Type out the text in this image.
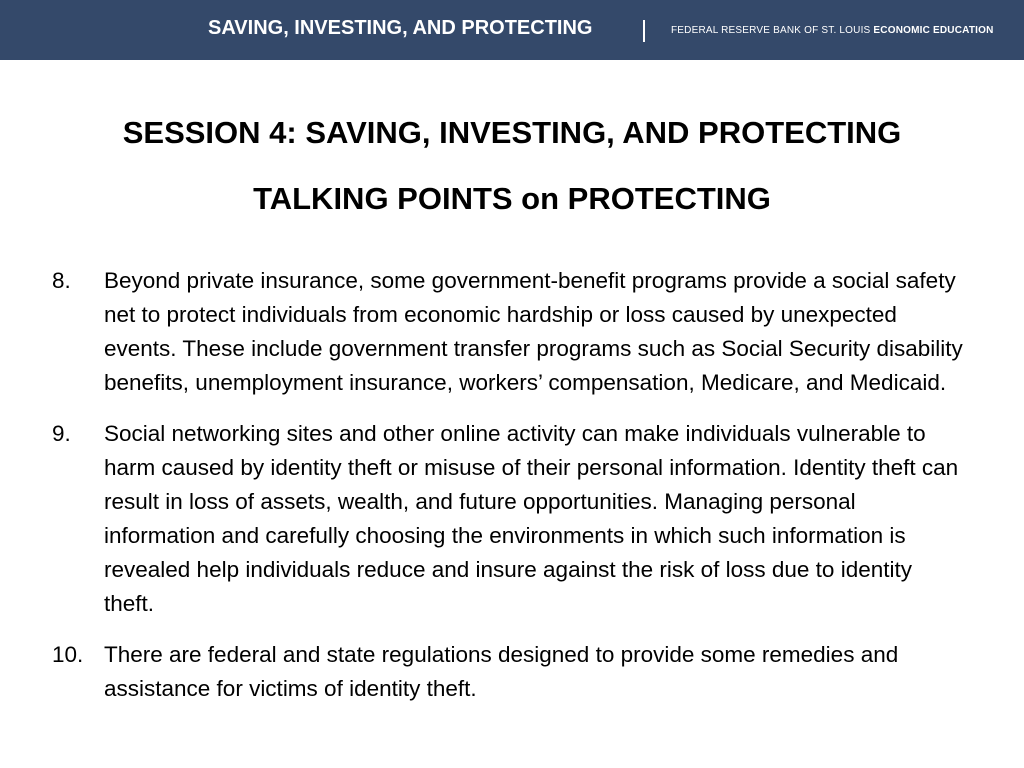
SAVING, INVESTING, AND PROTECTING	FEDERAL RESERVE BANK OF ST. LOUIS ECONOMIC EDUCATION
SESSION 4: SAVING, INVESTING, AND PROTECTING
TALKING POINTS on PROTECTING
8. Beyond private insurance, some government-benefit programs provide a social safety net to protect individuals from economic hardship or loss caused by unexpected events. These include government transfer programs such as Social Security disability benefits, unemployment insurance, workers’ compensation, Medicare, and Medicaid.
9. Social networking sites and other online activity can make individuals vulnerable to harm caused by identity theft or misuse of their personal information. Identity theft can result in loss of assets, wealth, and future opportunities. Managing personal information and carefully choosing the environments in which such information is revealed help individuals reduce and insure against the risk of loss due to identity theft.
10. There are federal and state regulations designed to provide some remedies and assistance for victims of identity theft.
